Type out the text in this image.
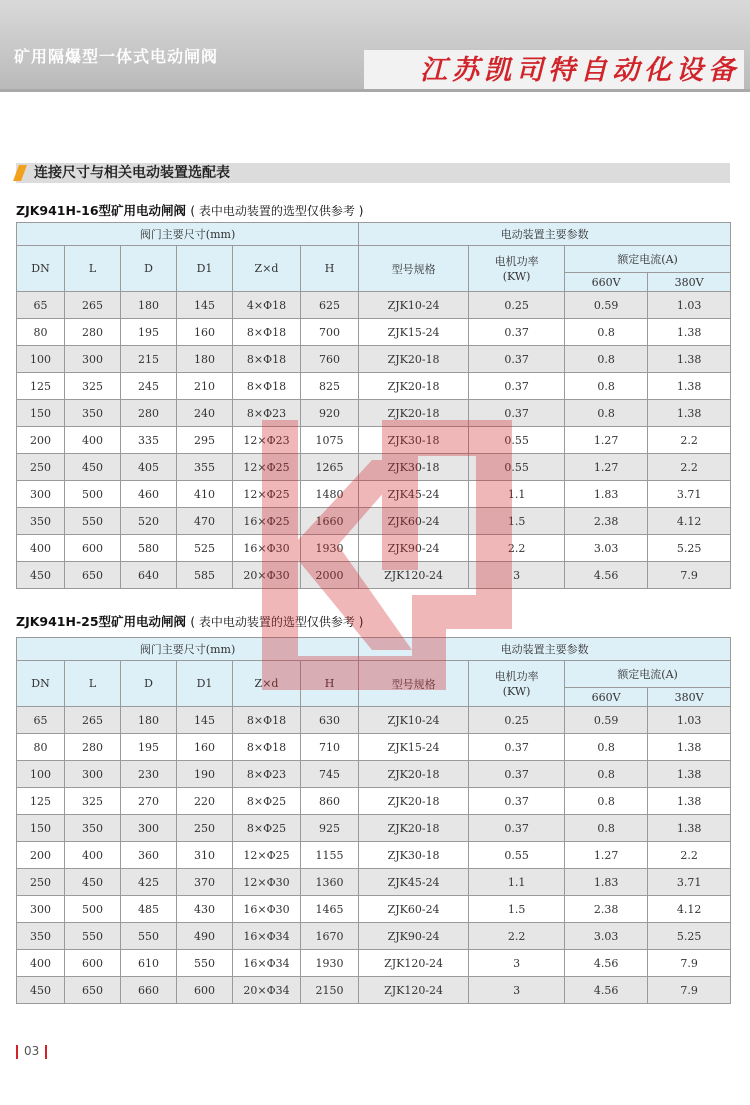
矿用隔爆型一体式电动闸阀	江苏凯司特自动化设备
连接尺寸与相关电动装置选配表
ZJK941H-16型矿用电动闸阀 ( 表中电动装置的选型仅供参考 )
阀门主要尺寸(mm)						电动装置主要参数			
DN	L	D	D1	Z×d	H	型号规格	电机功率
(KW)	额定电流(A)	
								660V	380V
65	265	180	145	4×Φ18	625	ZJK10-24	0.25	0.59	1.03
80	280	195	160	8×Φ18	700	ZJK15-24	0.37	0.8	1.38
100	300	215	180	8×Φ18	760	ZJK20-18	0.37	0.8	1.38
125	325	245	210	8×Φ18	825	ZJK20-18	0.37	0.8	1.38
150	350	280	240	8×Φ23	920	ZJK20-18	0.37	0.8	1.38
200	400	335	295	12×Φ23	1075	ZJK30-18	0.55	1.27	2.2
250	450	405	355	12×Φ25	1265	ZJK30-18	0.55	1.27	2.2
300	500	460	410	12×Φ25	1480	ZJK45-24	1.1	1.83	3.71
350	550	520	470	16×Φ25	1660	ZJK60-24	1.5	2.38	4.12
400	600	580	525	16×Φ30	1930	ZJK90-24	2.2	3.03	5.25
450	650	640	585	20×Φ30	2000	ZJK120-24	3	4.56	7.9
ZJK941H-25型矿用电动闸阀 ( 表中电动装置的选型仅供参考 )
阀门主要尺寸(mm)						电动装置主要参数			
DN	L	D	D1	Z×d	H	型号规格	电机功率
(KW)	额定电流(A)	
								660V	380V
65	265	180	145	8×Φ18	630	ZJK10-24	0.25	0.59	1.03
80	280	195	160	8×Φ18	710	ZJK15-24	0.37	0.8	1.38
100	300	230	190	8×Φ23	745	ZJK20-18	0.37	0.8	1.38
125	325	270	220	8×Φ25	860	ZJK20-18	0.37	0.8	1.38
150	350	300	250	8×Φ25	925	ZJK20-18	0.37	0.8	1.38
200	400	360	310	12×Φ25	1155	ZJK30-18	0.55	1.27	2.2
250	450	425	370	12×Φ30	1360	ZJK45-24	1.1	1.83	3.71
300	500	485	430	16×Φ30	1465	ZJK60-24	1.5	2.38	4.12
350	550	550	490	16×Φ34	1670	ZJK90-24	2.2	3.03	5.25
400	600	610	550	16×Φ34	1930	ZJK120-24	3	4.56	7.9
450	650	660	600	20×Φ34	2150	ZJK120-24	3	4.56	7.9
03
